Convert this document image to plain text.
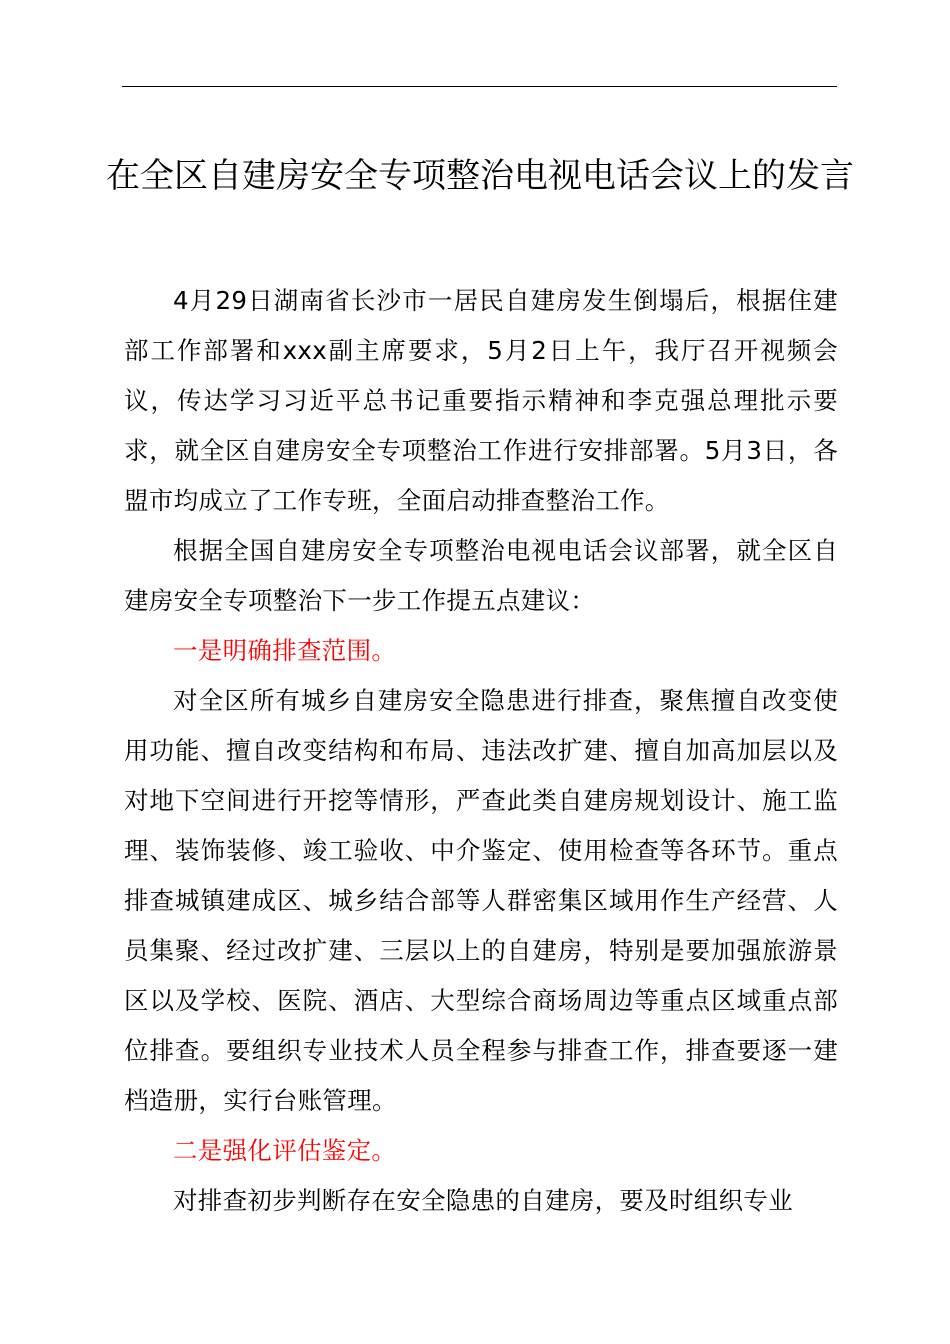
在全区自建房安全专项整治电视电话会议上的发言

4月29日湖南省长沙市一居民自建房发生倒塌后，根据住建部工作部署和xxx副主席要求，5月2日上午，我厅召开视频会议，传达学习习近平总书记重要指示精神和李克强总理批示要求，就全区自建房安全专项整治工作进行安排部署。5月3日，各盟市均成立了工作专班，全面启动排查整治工作。

根据全国自建房安全专项整治电视电话会议部署，就全区自建房安全专项整治下一步工作提五点建议：

一是明确排查范围。

对全区所有城乡自建房安全隐患进行排查，聚焦擅自改变使用功能、擅自改变结构和布局、违法改扩建、擅自加高加层以及对地下空间进行开挖等情形，严查此类自建房规划设计、施工监理、装饰装修、竣工验收、中介鉴定、使用检查等各环节。重点排查城镇建成区、城乡结合部等人群密集区域用作生产经营、人员集聚、经过改扩建、三层以上的自建房，特别是要加强旅游景区以及学校、医院、酒店、大型综合商场周边等重点区域重点部位排查。要组织专业技术人员全程参与排查工作，排查要逐一建档造册，实行台账管理。

二是强化评估鉴定。

对排查初步判断存在安全隐患的自建房，要及时组织专业
